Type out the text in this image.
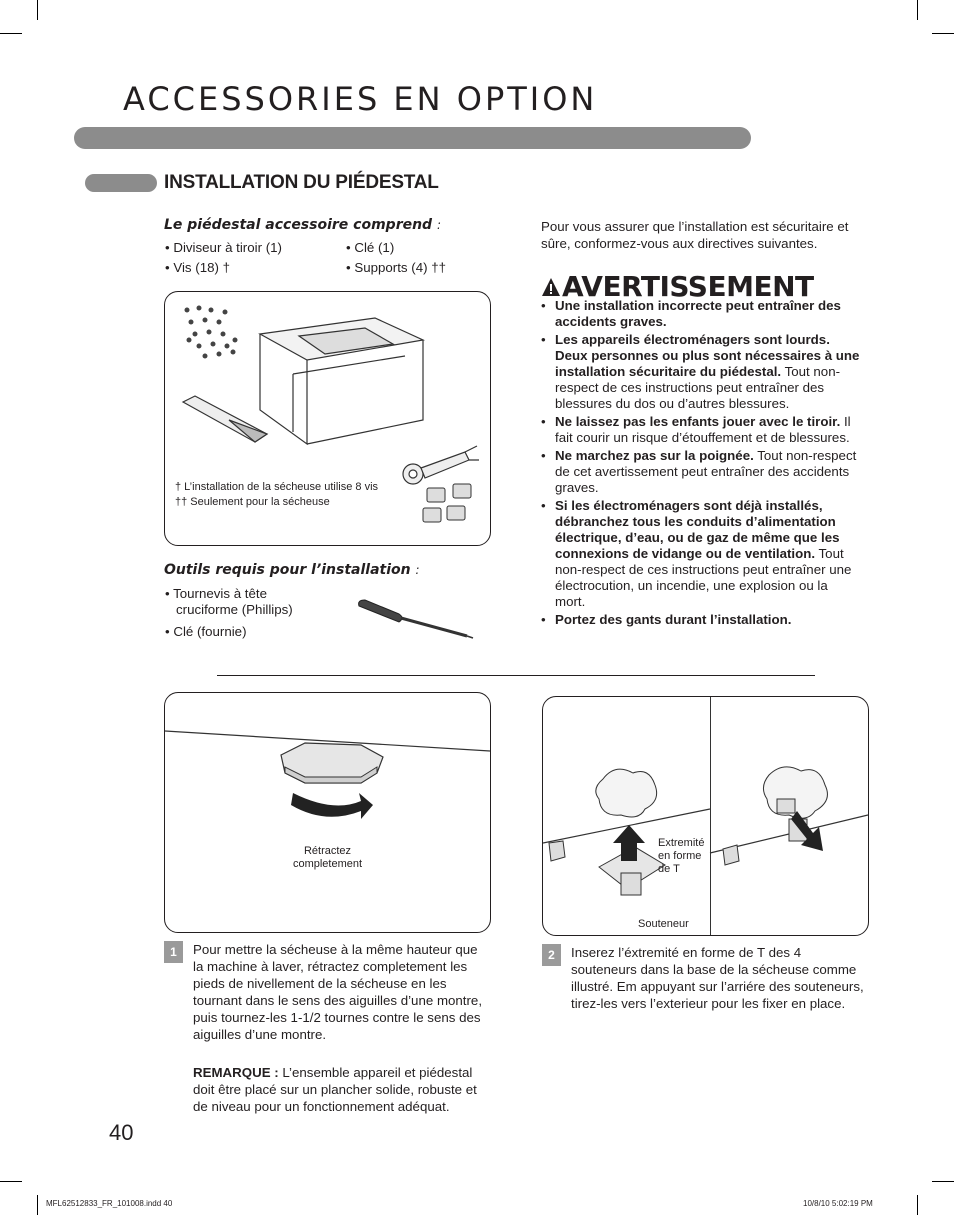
ACCESSORIES EN OPTION
INSTALLATION DU PIÉDESTAL
Le piédestal accessoire comprend :
• Diviseur à tiroir (1)	• Clé (1)
• Vis (18) †	• Supports (4) ††
† L’installation de la sécheuse utilise 8 vis
†† Seulement pour la sécheuse
Outils requis pour l’installation :
• Tournevis à tête
cruciforme (Phillips)
• Clé (fournie)
Pour vous assurer que l’installation est sécuritaire et sûre, conformez-vous aux directives suivantes.
AVERTISSEMENT
• Une installation incorrecte peut entraîner des accidents graves.
• Les appareils électroménagers sont lourds. Deux personnes ou plus sont nécessaires à une installation sécuritaire du piédestal. Tout non-respect de ces instructions peut entraîner des blessures du dos ou d’autres blessures.
• Ne laissez pas les enfants jouer avec le tiroir. Il fait courir un risque d’étouffement et de blessures.
• Ne marchez pas sur la poignée. Tout non-respect de cet avertissement peut entraîner des accidents graves.
• Si les électroménagers sont déjà installés, débranchez tous les conduits d’alimentation électrique, d’eau, ou de gaz de même que les connexions de vidange ou de ventilation. Tout non-respect de ces instructions peut entraîner une électrocution, un incendie, une explosion ou la mort.
• Portez des gants durant l’installation.
Rétractez
completement
1	Pour mettre la sécheuse à la même hauteur que la machine à laver, rétractez completement les pieds de nivellement de la sécheuse en les tournant dans le sens des aiguilles d’une montre, puis tournez-les 1-1/2 tournes contre le sens des aiguilles d’une montre.
REMARQUE : L’ensemble appareil et piédestal doit être placé sur un plancher solide, robuste et de niveau pour un fonctionnement adéquat.
Extremité
en forme
de T
Souteneur
2	Inserez l’éxtremité en forme de T des 4 souteneurs dans la base de la sécheuse comme illustré. Em appuyant sur l’arriére des souteneurs, tirez-les vers l’exterieur pour les fixer en place.
40
MFL62512833_FR_101008.indd 40	10/8/10 5:02:19 PM
